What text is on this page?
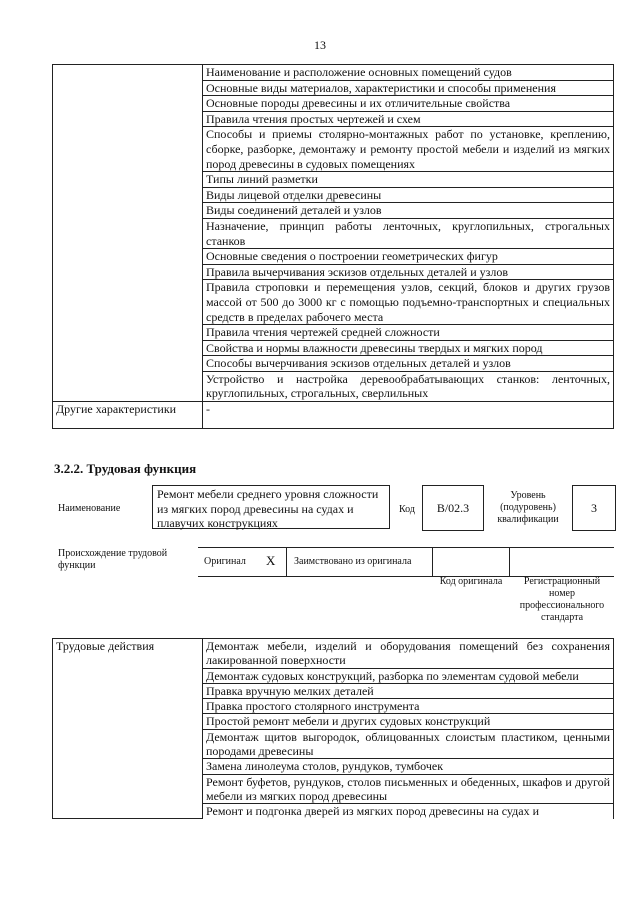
13
	Наименование и расположение основных помещений судов
	Основные виды материалов, характеристики и способы применения
	Основные породы древесины и их отличительные свойства
	Правила чтения простых чертежей и схем
	Способы и приемы столярно-монтажных работ по установке, креплению, сборке, разборке, демонтажу и ремонту простой мебели и изделий из мягких пород древесины в судовых помещениях
	Типы линий разметки
	Виды лицевой отделки древесины
	Виды соединений деталей и узлов
	Назначение, принцип работы ленточных, круглопильных, строгальных станков
	Основные сведения о построении геометрических фигур
	Правила вычерчивания эскизов отдельных деталей и узлов
	Правила строповки и перемещения узлов, секций, блоков и других грузов массой от 500 до 3000 кг с помощью подъемно-транспортных и специальных средств в пределах рабочего места
	Правила чтения чертежей средней сложности
	Свойства и нормы влажности древесины твердых и мягких пород
	Способы вычерчивания эскизов отдельных деталей и узлов
	Устройство и настройка деревообрабатывающих станков: ленточных, круглопильных, строгальных, сверлильных
Другие характеристики	-
3.2.2. Трудовая функция
Наименование
Ремонт мебели среднего уровня сложности из мягких пород древесины на судах и плавучих конструкциях
Код	B/02.3
Уровень (подуровень) квалификации
3
Происхождение трудовой функции	Оригинал X Заимствовано из оригинала
Код оригинала	Регистрационный номер профессионального стандарта
Трудовые действия	Демонтаж мебели, изделий и оборудования помещений без сохранения лакированной поверхности
Демонтаж судовых конструкций, разборка по элементам судовой мебели
Правка вручную мелких деталей
Правка простого столярного инструмента
Простой ремонт мебели и других судовых конструкций
Демонтаж щитов выгородок, облицованных слоистым пластиком, ценными породами древесины
Замена линолеума столов, рундуков, тумбочек
Ремонт буфетов, рундуков, столов письменных и обеденных, шкафов и другой мебели из мягких пород древесины
Ремонт и подгонка дверей из мягких пород древесины на судах и
